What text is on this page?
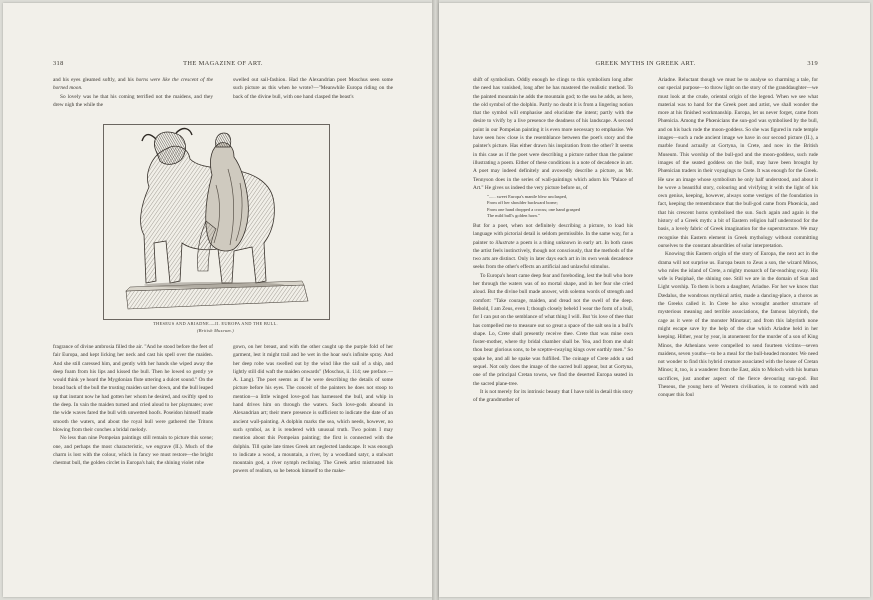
318	THE MAGAZINE OF ART.

and his eyes gleamed softly, and his horns were like the crescent of the horned moon.

So lovely was he that his coming terrified not the maidens, and they drew nigh the while the

swelled out sail-fashion. Had the Alexandrian poet Moschus seen some such picture as this when he wrote?—"Meanwhile Europa riding on the back of the divine bull, with one hand clasped the beast's

THESEUS AND ARIADNE.—II. EUROPA AND THE BULL.
(British Museum.)

fragrance of divine ambrosia filled the air. "And he stood before the feet of fair Europa, and kept licking her neck and cast his spell over the maiden. And she still caressed him, and gently with her hands she wiped away the deep foam from his lips and kissed the bull. Then he lowed so gently ye would think ye heard the Mygdonian flute uttering a dulcet sound." On the broad back of the bull the trusting maiden sat her down, and the bull leaped up that instant now he had gotten her whom he desired, and swiftly sped to the deep. In vain the maiden turned and cried aloud to her playmates; over the wide waves fared the bull with unwetted hoofs. Poseidon himself made smooth the waters, and about the royal bull were gathered the Tritons blowing from their conches a bridal melody.

No less than nine Pompeian paintings still remain to picture this scene; one, and perhaps the most characteristic, we engrave (II.). Much of the charm is lost with the colour, which in fancy we must restore—the bright chestnut bull, the golden circlet in Europa's hair, the shining violet robe

gown, on her breast, and with the other caught up the purple fold of her garment, lest it might trail and be wet in the hoar sea's infinite spray. And her deep robe was swelled out by the wind like the sail of a ship, and lightly still did waft the maiden onwards" (Moschus, ii. 114; see preface.—A. Lang). The poet seems as if he were describing the details of some picture before his eyes. The conceit of the painters he does not stoop to mention—a little winged love-god has harnessed the bull, and whip in hand drives him on through the waters. Such love-gods abound in Alexandrian art; their mere presence is sufficient to indicate the date of an ancient wall-painting. A dolphin marks the sea, which needs, however, no such symbol, as it is rendered with unusual truth. Two points I may mention about this Pompeian painting; the first is connected with the dolphin. Till quite late times Greek art neglected landscape. It was enough to indicate a wood, a mountain, a river, by a woodland satyr, a stalwart mountain god, a river nymph reclining. The Greek artist mistrusted his powers of realism, so he betook himself to the make-

GREEK MYTHS IN GREEK ART.	319

shift of symbolism. Oddly enough he clings to this symbolism long after the need has vanished, long after he has mastered the realistic method. To the painted mountain he adds the mountain god; to the sea he adds, as here, the old symbol of the dolphin. Partly no doubt it is from a lingering notion that the symbol will emphasise and elucidate the intent; partly with the desire to vivify by a live presence the deadness of his landscape. A second point in our Pompeian painting it is even more necessary to emphasise. We have seen how close is the resemblance between the poet's story and the painter's picture. Has either drawn his inspiration from the other? It seems in this case as if the poet were describing a picture rather than the painter illustrating a poem. Either of these conditions is a note of decadence in art. A poet may indeed definitely and avowedly describe a picture, as Mr. Tennyson does in the series of wall-paintings which adorn his "Palace of Art." He gives us indeed the very picture before us, of

"...... sweet Europa's mantle blew unclasped,
From off her shoulder backward borne;
From one hand dropped a crocus; one hand grasped
The mild bull's golden horn."

But for a poet, when not definitely describing a picture, to load his language with pictorial detail is seldom permissible. In the same way, for a painter to illustrate a poem is a thing unknown in early art. In both cases the artist feels instinctively, though not consciously, that the methods of the two arts are distinct. Only in later days each art in its own weak decadence seeks from the other's effects an artificial and unlawful stimulus.

To Europa's heart came deep fear and foreboding, lest the bull who bore her through the waters was of no mortal shape, and in her fear she cried aloud. But the divine bull made answer, with solemn words of strength and comfort: "Take courage, maiden, and dread not the swell of the deep. Behold, I am Zeus, even I; though closely beheld I wear the form of a bull, for I can put on the semblance of what thing I will. But 'tis love of thee that has compelled me to measure out so great a space of the salt sea in a bull's shape. Lo, Crete shall presently receive thee. Crete that was mine own foster-mother, where thy bridal chamber shall be. Yea, and from me shalt thou bear glorious sons, to be sceptre-swaying kings over earthly men." So spake he, and all he spake was fulfilled. The coinage of Crete adds a sad sequel. Not only does the image of the sacred bull appear, but at Gortyna, one of the principal Cretan towns, we find the deserted Europa seated in the sacred plane-tree.

It is not merely for its intrinsic beauty that I have told in detail this story of the grandmother of

Ariadne. Reluctant though we must be to analyse so charming a tale, for our special purpose—to throw light on the story of the granddaughter—we must look at the crude, oriental origin of the legend. When we see what material was to hand for the Greek poet and artist, we shall wonder the more at his finished workmanship. Europa, let us never forget, came from Phœnicia. Among the Phœnicians the sun-god was symbolised by the bull, and on his back rode the moon-goddess. So she was figured in rude temple images—such a rude ancient image we have in our second picture (II.), a marble found actually at Gortyna, in Crete, and now in the British Museum. This worship of the bull-god and the moon-goddess, such rude images of the seated goddess on the bull, may have been brought by Phœnician traders in their voyagings to Crete. It was enough for the Greek. He saw an image whose symbolism he only half understood, and about it he wove a beautiful story, colouring and vivifying it with the light of his own genius, keeping, however, always some vestiges of the foundation in fact, keeping the remembrance that the bull-god came from Phœnicia, and that his crescent horns symbolised the sun. Such again and again is the history of a Greek myth: a bit of Eastern religion half understood for the basis, a lovely fabric of Greek imagination for the superstructure. We may recognise this Eastern element in Greek mythology without committing ourselves to the constant absurdities of solar interpretation.

Knowing this Eastern origin of the story of Europa, the next act in the drama will not surprise us. Europa bears to Zeus a son, the wizard Minos, who rules the island of Crete, a mighty monarch of far-reaching sway. His wife is Pasiphaë, the shining one. Still we are in the domain of Sun and Light worship. To them is born a daughter, Ariadne. For her we know that Dædalus, the wondrous mythical artist, made a dancing-place, a choros as the Greeks called it. In Crete he also wrought another structure of mysterious meaning and terrible associations, the famous labyrinth, the cage as it were of the monster Minotaur; and from this labyrinth none might escape save by the help of the clue which Ariadne held in her keeping. Hither, year by year, in atonement for the murder of a son of King Minos, the Athenians were compelled to send fourteen victims—seven maidens, seven youths—to be a meal for the bull-headed monster. We need not wonder to find this hybrid creature associated with the house of Cretan Minos; it, too, is a wanderer from the East, akin to Moloch with his human sacrifices, just another aspect of the fierce devouring sun-god. But Theseus, the young hero of Western civilisation, is to contend with and conquer this foul
